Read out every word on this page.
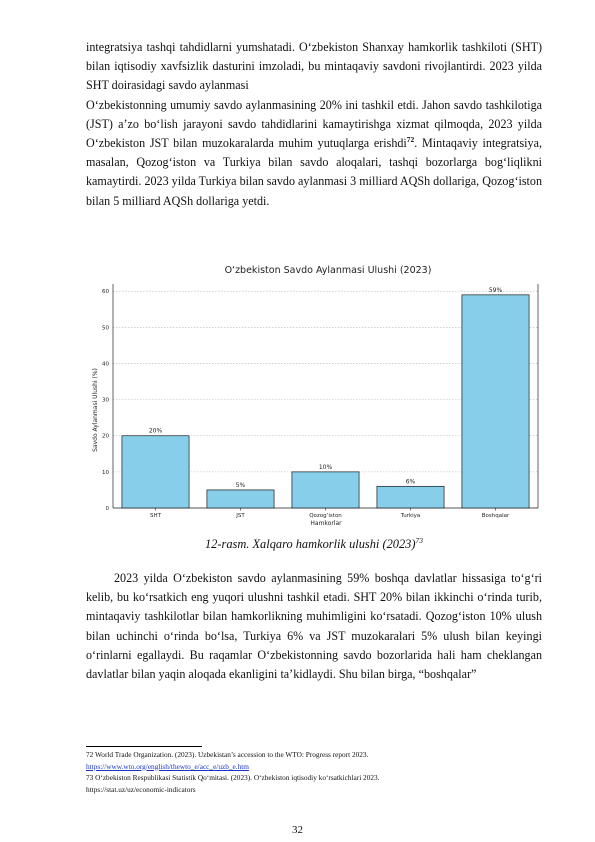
integratsiya tashqi tahdidlarni yumshatadi. O‘zbekiston Shanxay hamkorlik tashkiloti (SHT) bilan iqtisodiy xavfsizlik dasturini imzoladi, bu mintaqaviy savdoni rivojlantirdi. 2023 yilda SHT doirasidagi savdo aylanmasi

O‘zbekistonning umumiy savdo aylanmasining 20% ini tashkil etdi. Jahon savdo tashkilotiga (JST) a’zo bo‘lish jarayoni savdo tahdidlarini kamaytirishga xizmat qilmoqda, 2023 yilda O‘zbekiston JST bilan muzokaralarda muhim yutuqlarga erishdi$^{72}$. Mintaqaviy integratsiya, masalan, Qozog‘iston va Turkiya bilan savdo aloqalari, tashqi bozorlarga bog‘liqlikni kamaytirdi. 2023 yilda Turkiya bilan savdo aylanmasi 3 milliard AQSh dollariga, Qozog‘iston bilan 5 milliard AQSh dollariga yetdi.

O‘zbekiston Savdo Aylanmasi Ulushi (2023)
Savdo Aylanmasi Ulushi (%)
Hamkorlar
0
10
20
30
40
50
60
20%
SHT
5%
JST
10%
Qozog‘iston
6%
Turkiya
59%
Boshqalar
12-rasm. Xalqaro hamkorlik ulushi $(2023)^{73}$

2023 yilda O‘zbekiston savdo aylanmasining 59% boshqa davlatlar hissasiga to‘g‘ri kelib, bu ko‘rsatkich eng yuqori ulushni tashkil etadi. SHT 20% bilan ikkinchi o‘rinda turib, mintaqaviy tashkilotlar bilan hamkorlikning muhimligini ko‘rsatadi. Qozog‘iston 10% ulush bilan uchinchi o‘rinda bo‘lsa, Turkiya 6% va JST muzokaralari 5% ulush bilan keyingi o‘rinlarni egallaydi. Bu raqamlar O‘zbekistonning savdo bozorlarida hali ham cheklangan davlatlar bilan yaqin aloqada ekanligini ta’kidlaydi. Shu bilan birga, “boshqalar”

72 World Trade Organization. (2023). Uzbekistan’s accession to the WTO: Progress report 2023.
https://www.wto.org/english/thewto_e/acc_e/uzb_e.htm
73 O‘zbekiston Respublikasi Statistik Qo‘mitasi. (2023). O‘zbekiston iqtisodiy ko‘rsatkichlari 2023.
https://stat.uz/uz/economic-indicators
32
